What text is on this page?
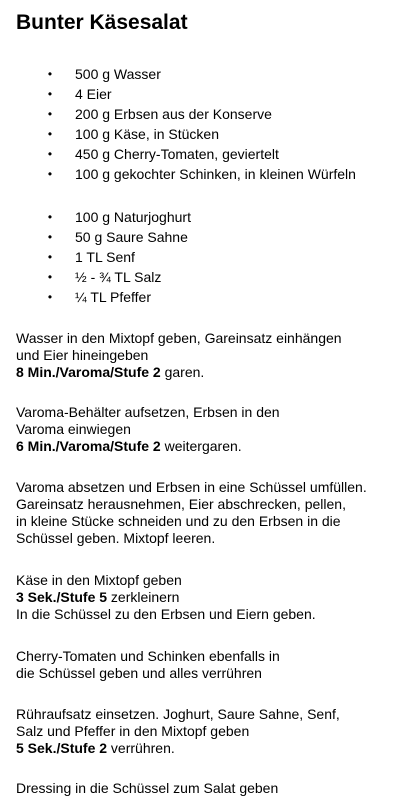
Bunter Käsesalat
• 500 g Wasser
• 4 Eier
• 200 g Erbsen aus der Konserve
• 100 g Käse, in Stücken
• 450 g Cherry-Tomaten, geviertelt
• 100 g gekochter Schinken, in kleinen Würfeln
• 100 g Naturjoghurt
• 50 g Saure Sahne
• 1 TL Senf
• ½ - ¾ TL Salz
• ¼ TL Pfeffer
Wasser in den Mixtopf geben, Gareinsatz einhängen
und Eier hineingeben
8 Min./Varoma/Stufe 2 garen.
Varoma-Behälter aufsetzen, Erbsen in den
Varoma einwiegen
6 Min./Varoma/Stufe 2 weitergaren.
Varoma absetzen und Erbsen in eine Schüssel umfüllen.
Gareinsatz herausnehmen, Eier abschrecken, pellen,
in kleine Stücke schneiden und zu den Erbsen in die
Schüssel geben. Mixtopf leeren.
Käse in den Mixtopf geben
3 Sek./Stufe 5 zerkleinern
In die Schüssel zu den Erbsen und Eiern geben.
Cherry-Tomaten und Schinken ebenfalls in
die Schüssel geben und alles verrühren
Rühraufsatz einsetzen. Joghurt, Saure Sahne, Senf,
Salz und Pfeffer in den Mixtopf geben
5 Sek./Stufe 2 verrühren.
Dressing in die Schüssel zum Salat geben
